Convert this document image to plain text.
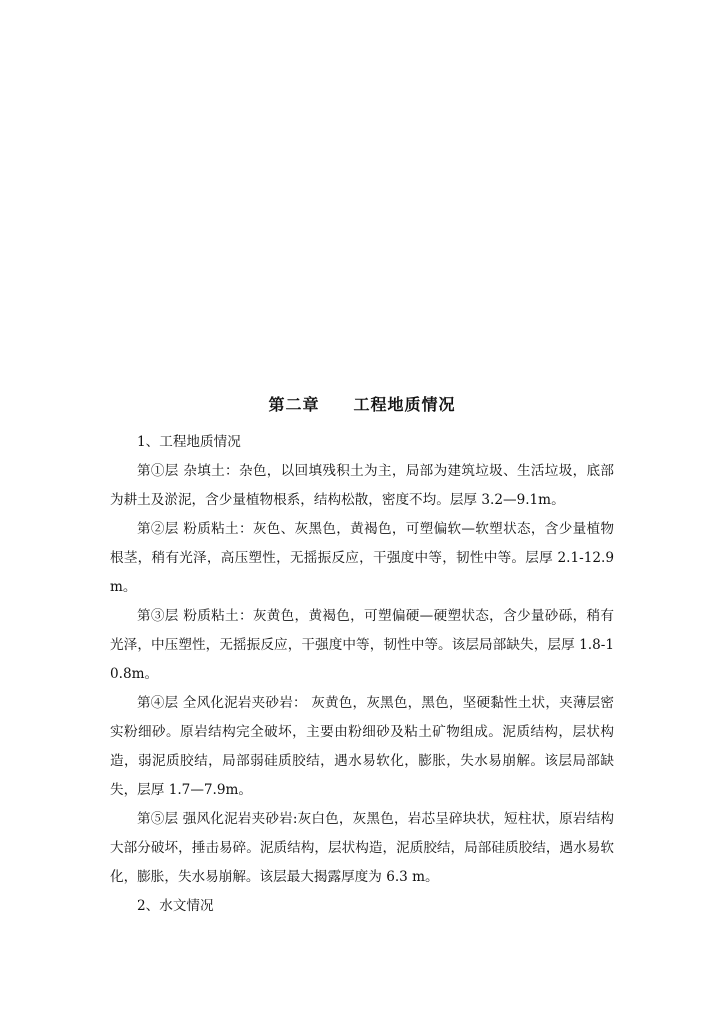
第二章　　工程地质情况

1、工程地质情况

第①层 杂填土：杂色，以回填残积土为主，局部为建筑垃圾、生活垃圾，底部为耕土及淤泥，含少量植物根系，结构松散，密度不均。层厚 3.2—9.1m。

第②层 粉质粘土：灰色、灰黑色，黄褐色，可塑偏软—软塑状态，含少量植物根茎，稍有光泽，高压塑性，无摇振反应，干强度中等，韧性中等。层厚 2.1-12.9m。

第③层 粉质粘土：灰黄色，黄褐色，可塑偏硬—硬塑状态，含少量砂砾，稍有光泽，中压塑性，无摇振反应，干强度中等，韧性中等。该层局部缺失，层厚 1.8-10.8m。

第④层 全风化泥岩夹砂岩： 灰黄色，灰黑色，黑色，坚硬黏性土状，夹薄层密实粉细砂。原岩结构完全破坏，主要由粉细砂及粘土矿物组成。泥质结构，层状构造，弱泥质胶结，局部弱硅质胶结，遇水易软化，膨胀，失水易崩解。该层局部缺失，层厚 1.7—7.9m。

第⑤层 强风化泥岩夹砂岩:灰白色，灰黑色，岩芯呈碎块状，短柱状，原岩结构大部分破坏，捶击易碎。泥质结构，层状构造，泥质胶结，局部硅质胶结，遇水易软化，膨胀，失水易崩解。该层最大揭露厚度为 6.3 m。

2、水文情况
